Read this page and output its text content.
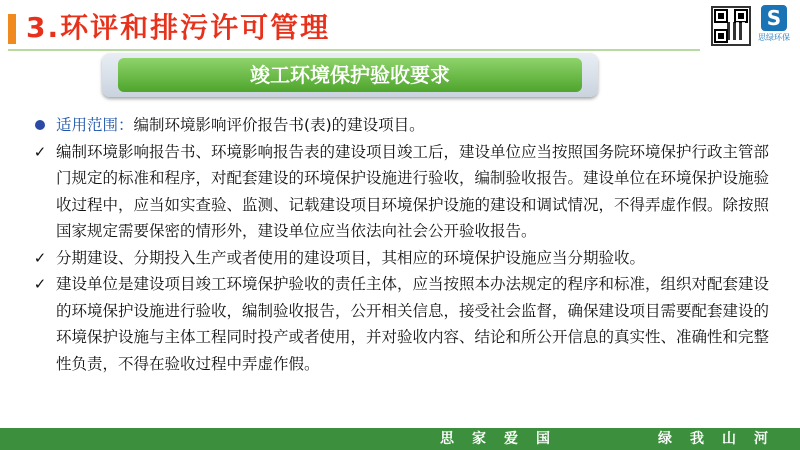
3.环评和排污许可管理	S
思绿环保
竣工环境保护验收要求
适用范围：编制环境影响评价报告书(表)的建设项目。
✓ 编制环境影响报告书、环境影响报告表的建设项目竣工后，建设单位应当按照国务院环境保护行政主管部门规定的标准和程序，对配套建设的环境保护设施进行验收，编制验收报告。建设单位在环境保护设施验收过程中，应当如实查验、监测、记载建设项目环境保护设施的建设和调试情况，不得弄虚作假。除按照国家规定需要保密的情形外，建设单位应当依法向社会公开验收报告。
✓ 分期建设、分期投入生产或者使用的建设项目，其相应的环境保护设施应当分期验收。
✓ 建设单位是建设项目竣工环境保护验收的责任主体，应当按照本办法规定的程序和标准，组织对配套建设的环境保护设施进行验收，编制验收报告，公开相关信息，接受社会监督，确保建设项目需要配套建设的环境保护设施与主体工程同时投产或者使用，并对验收内容、结论和所公开信息的真实性、准确性和完整性负责，不得在验收过程中弄虚作假。
思家爱国	绿我山河
